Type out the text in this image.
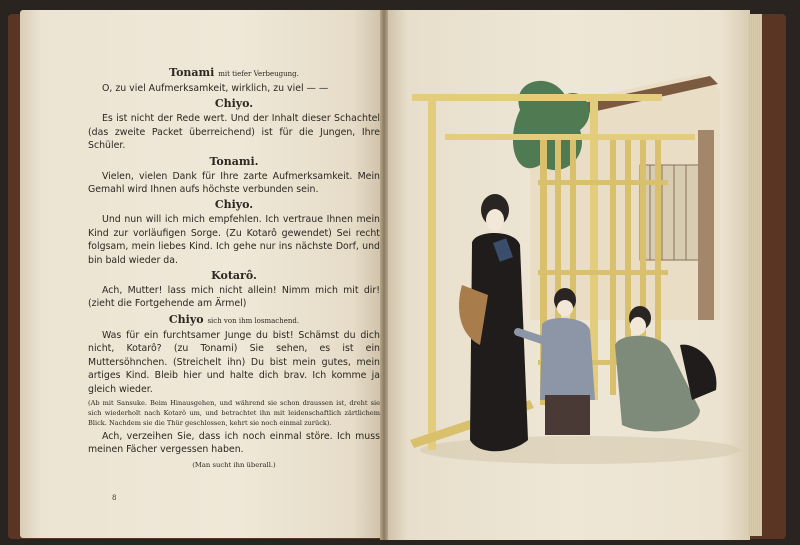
Tonami mit tiefer Verbeugung.

O, zu viel Aufmerksamkeit, wirklich, zu viel — —

Chiyo.

Es ist nicht der Rede wert. Und der Inhalt dieser Schachtel (das zweite Packet überreichend) ist für die Jungen, Ihre Schüler.

Tonami.

Vielen, vielen Dank für Ihre zarte Aufmerksamkeit. Mein Gemahl wird Ihnen aufs höchste verbunden sein.

Chiyo.

Und nun will ich mich empfehlen. Ich vertraue Ihnen mein Kind zur vorläufigen Sorge. (Zu Kotarô gewendet) Sei recht folgsam, mein liebes Kind. Ich gehe nur ins nächste Dorf, und bin bald wieder da.

Kotarô.

Ach, Mutter! lass mich nicht allein! Nimm mich mit dir! (zieht die Fortgehende am Ärmel)

Chiyo sich von ihm losmachend.

Was für ein furchtsamer Junge du bist! Schämst du dich nicht, Kotarô? (zu Tonami) Sie sehen, es ist ein Muttersöhnchen. (Streichelt ihn) Du bist mein gutes, mein artiges Kind. Bleib hier und halte dich brav. Ich komme ja gleich wieder.

(Ab mit Sansuke. Beim Hinausgehen, und während sie schon draussen ist, dreht sie sich wiederholt nach Kotarô um, und betrachtet ihn mit leidenschaftlich zärtlichem Blick. Nachdem sie die Thür geschlossen, kehrt sie noch einmal zurück).

Ach, verzeihen Sie, dass ich noch einmal störe. Ich muss meinen Fächer vergessen haben.

(Man sucht ihn überall.)

8
